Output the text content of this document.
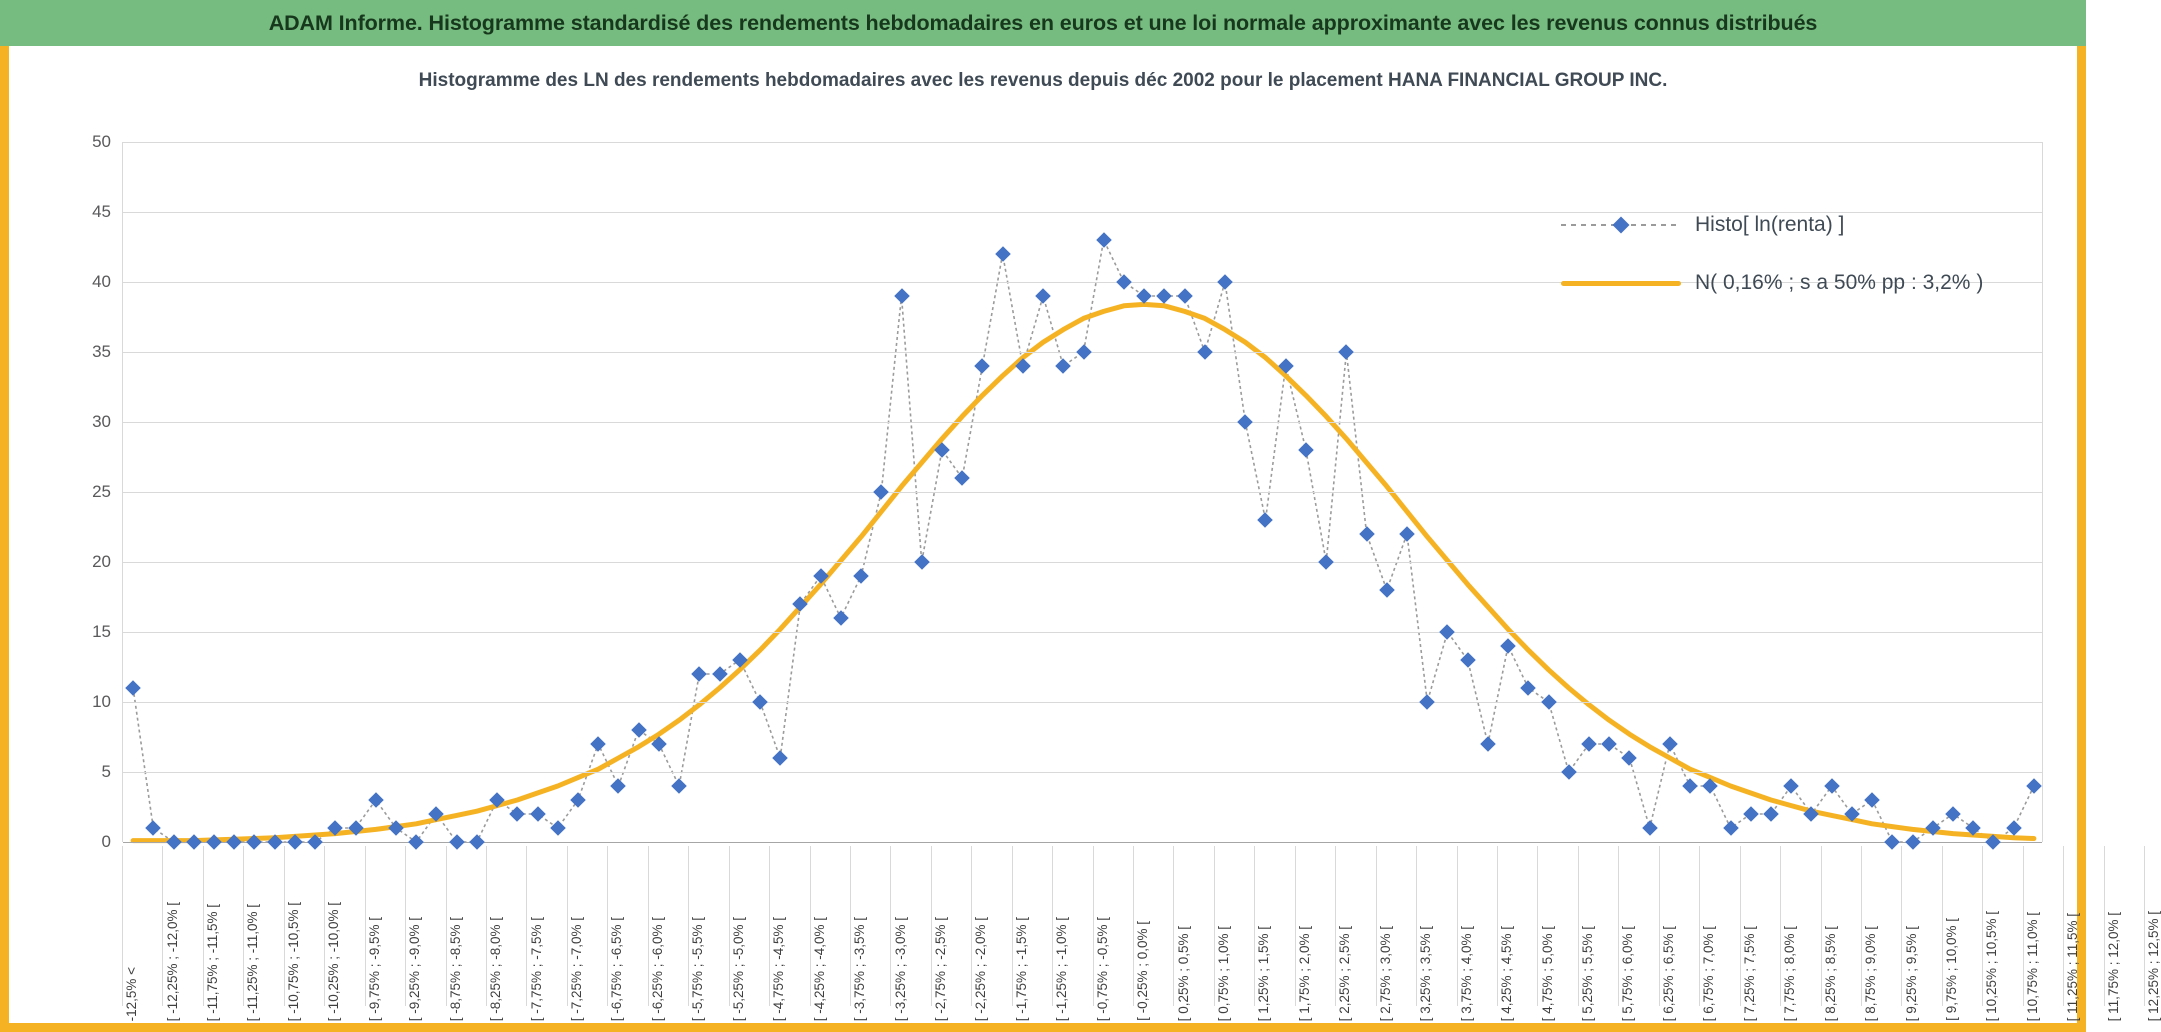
ADAM Informe. Histogramme standardisé des rendements hebdomadaires en euros et une loi normale approximante avec les revenus connus distribués
Histogramme des LN des rendements hebdomadaires avec les revenus depuis déc 2002 pour le placement HANA FINANCIAL GROUP INC.
-12,5% < [ -12,25% ; -12,0% [ [ -11,75% ; -11,5% [ [ -11,25% ; -11,0% [ [ -10,75% ; -10,5% [ [ -10,25% ; -10,0% [ [ -9,75% ; -9,5% [ [ -9,25% ; -9,0% [ [ -8,75% ; -8,5% [ [ -8,25% ; -8,0% [ [ -7,75% ; -7,5% [ [ -7,25% ; -7,0% [ [ -6,75% ; -6,5% [ [ -6,25% ; -6,0% [ [ -5,75% ; -5,5% [ [ -5,25% ; -5,0% [ [ -4,75% ; -4,5% [ [ -4,25% ; -4,0% [ [ -3,75% ; -3,5% [ [ -3,25% ; -3,0% [ [ -2,75% ; -2,5% [ [ -2,25% ; -2,0% [ [ -1,75% ; -1,5% [ [ -1,25% ; -1,0% [ [ -0,75% ; -0,5% [ [ -0,25% ; 0,0% [ [ 0,25% ; 0,5% [ [ 0,75% ; 1,0% [ [ 1,25% ; 1,5% [ [ 1,75% ; 2,0% [ [ 2,25% ; 2,5% [ [ 2,75% ; 3,0% [ [ 3,25% ; 3,5% [ [ 3,75% ; 4,0% [ [ 4,25% ; 4,5% [ [ 4,75% ; 5,0% [ [ 5,25% ; 5,5% [ [ 5,75% ; 6,0% [ [ 6,25% ; 6,5% [ [ 6,75% ; 7,0% [ [ 7,25% ; 7,5% [ [ 7,75% ; 8,0% [ [ 8,25% ; 8,5% [ [ 8,75% ; 9,0% [ [ 9,25% ; 9,5% [ [ 9,75% ; 10,0% [ [ 10,25% ; 10,5% [ [ 10,75% ; 11,0% [ [ 11,25% ; 11,5% [ [ 11,75% ; 12,0% [ [ 12,25% ; 12,5% [
Histo[ ln(renta) ]
N( 0,16% ; s a 50% pp : 3,2% )
0
5
10
15
20
25
30
35
40
45
50
